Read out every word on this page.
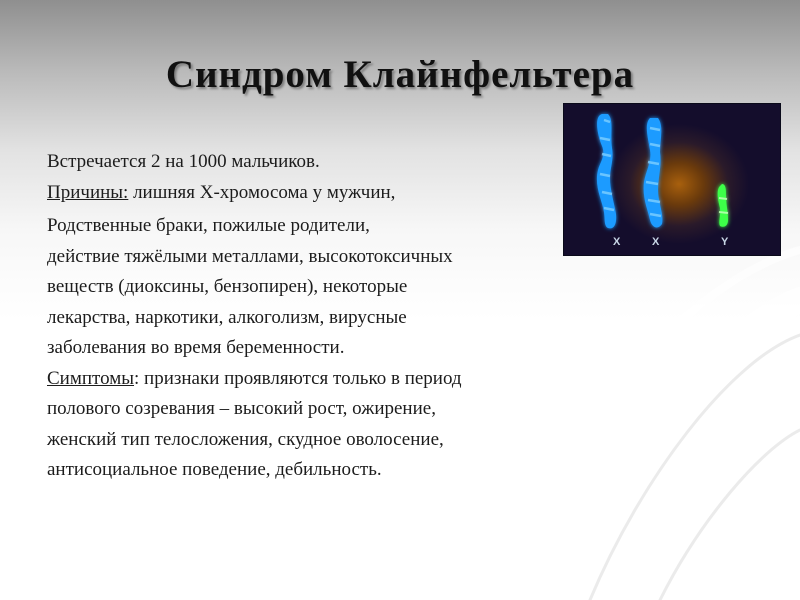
Синдром Клайнфельтера
Встречается 2 на 1000 мальчиков.
Причины: лишняя Х-хромосома у мужчин,
Родственные браки, пожилые родители,
действие тяжёлыми металлами, высокотоксичных
веществ (диоксины, бензопирен), некоторые
лекарства, наркотики, алкоголизм, вирусные
заболевания во время беременности.
Симптомы: признаки проявляются только в период
полового созревания – высокий рост, ожирение,
женский тип телосложения, скудное оволосение,
антисоциальное поведение, дебильность.
X	X	Y
